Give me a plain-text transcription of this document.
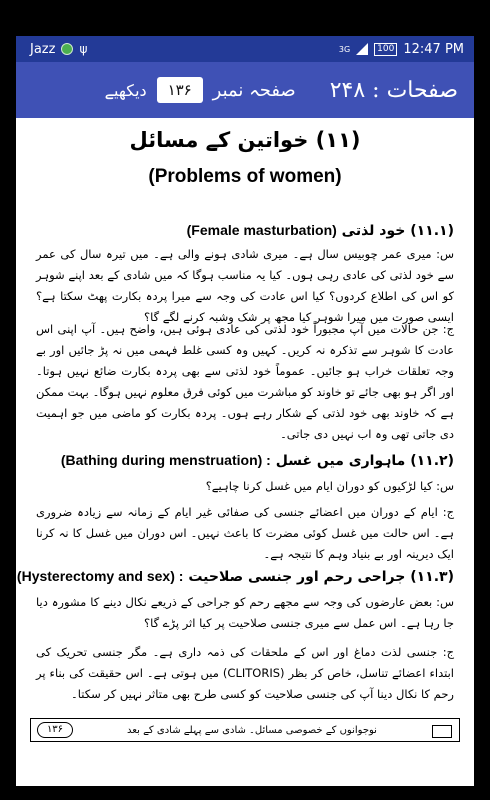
Jazz ψ	3G	100 12:47 PM
صفحات : ۲۴۸
صفحہ نمبر
۱۳۶
دیکھیے
(۱۱) خواتین کے مسائل
(Problems of women)
(۱۱.۱) خود لذتی (Female masturbation)
س: میری عمر چوبیس سال ہے۔ میری شادی ہونے والی ہے۔ میں تیرہ سال کی عمر سے خود لذتی کی عادی رہی ہوں۔ کیا یہ مناسب ہوگا کہ میں شادی کے بعد اپنے شوہر کو اس کی اطلاع کردوں؟ کیا اس عادت کی وجہ سے میرا پردہ بکارت پھٹ سکتا ہے؟ ایسی صورت میں میرا شوہر کیا مجھ پر شک وشبہ کرنے لگے گا؟
ج: جن حالات میں آپ مجبوراً خود لذتی کی عادی ہوئی ہیں، واضح ہیں۔ آپ اپنی اس عادت کا شوہر سے تذکرہ نہ کریں۔ کہیں وہ کسی غلط فہمی میں نہ پڑ جائیں اور بے وجہ تعلقات خراب ہو جائیں۔ عموماً خود لذتی سے بھی پردہ بکارت ضائع نہیں ہوتا۔ اور اگر ہو بھی جائے تو خاوند کو مباشرت میں کوئی فرق معلوم نہیں ہوگا۔ بہت ممکن ہے کہ خاوند بھی خود لذتی کے شکار رہے ہوں۔ پردہ بکارت کو ماضی میں جو اہمیت دی جاتی تھی وہ اب نہیں دی جاتی۔
(۱۱.۲) ماہواری میں غسل (Bathing during menstruation) :
س: کیا لڑکیوں کو دوران ایام میں غسل کرنا چاہیے؟
ج: ایام کے دوران میں اعضائے جنسی کی صفائی غیر ایام کے زمانہ سے زیادہ ضروری ہے۔ اس حالت میں غسل کوئی مضرت کا باعث نہیں۔ اس دوران میں غسل کا نہ کرنا ایک دیرینہ اور بے بنیاد وہم کا نتیجہ ہے۔
(۱۱.۳) جراحی رحم اور جنسی صلاحیت (Hysterectomy and sex) :
س: بعض عارضوں کی وجہ سے مجھے رحم کو جراحی کے ذریعے نکال دینے کا مشورہ دیا جا رہا ہے۔ اس عمل سے میری جنسی صلاحیت پر کیا اثر پڑے گا؟
ج: جنسی لذت دماغ اور اس کے ملحقات کی ذمہ داری ہے۔ مگر جنسی تحریک کی ابتداء اعضائے تناسل، خاص کر بظر (CLITORIS) میں ہوتی ہے۔ اس حقیقت کی بناء پر رحم کا نکال دینا آپ کی جنسی صلاحیت کو کسی طرح بھی متاثر نہیں کر سکتا۔
نوجوانوں کے خصوصی مسائل۔ شادی سے پہلے شادی کے بعد
۱۳۶
